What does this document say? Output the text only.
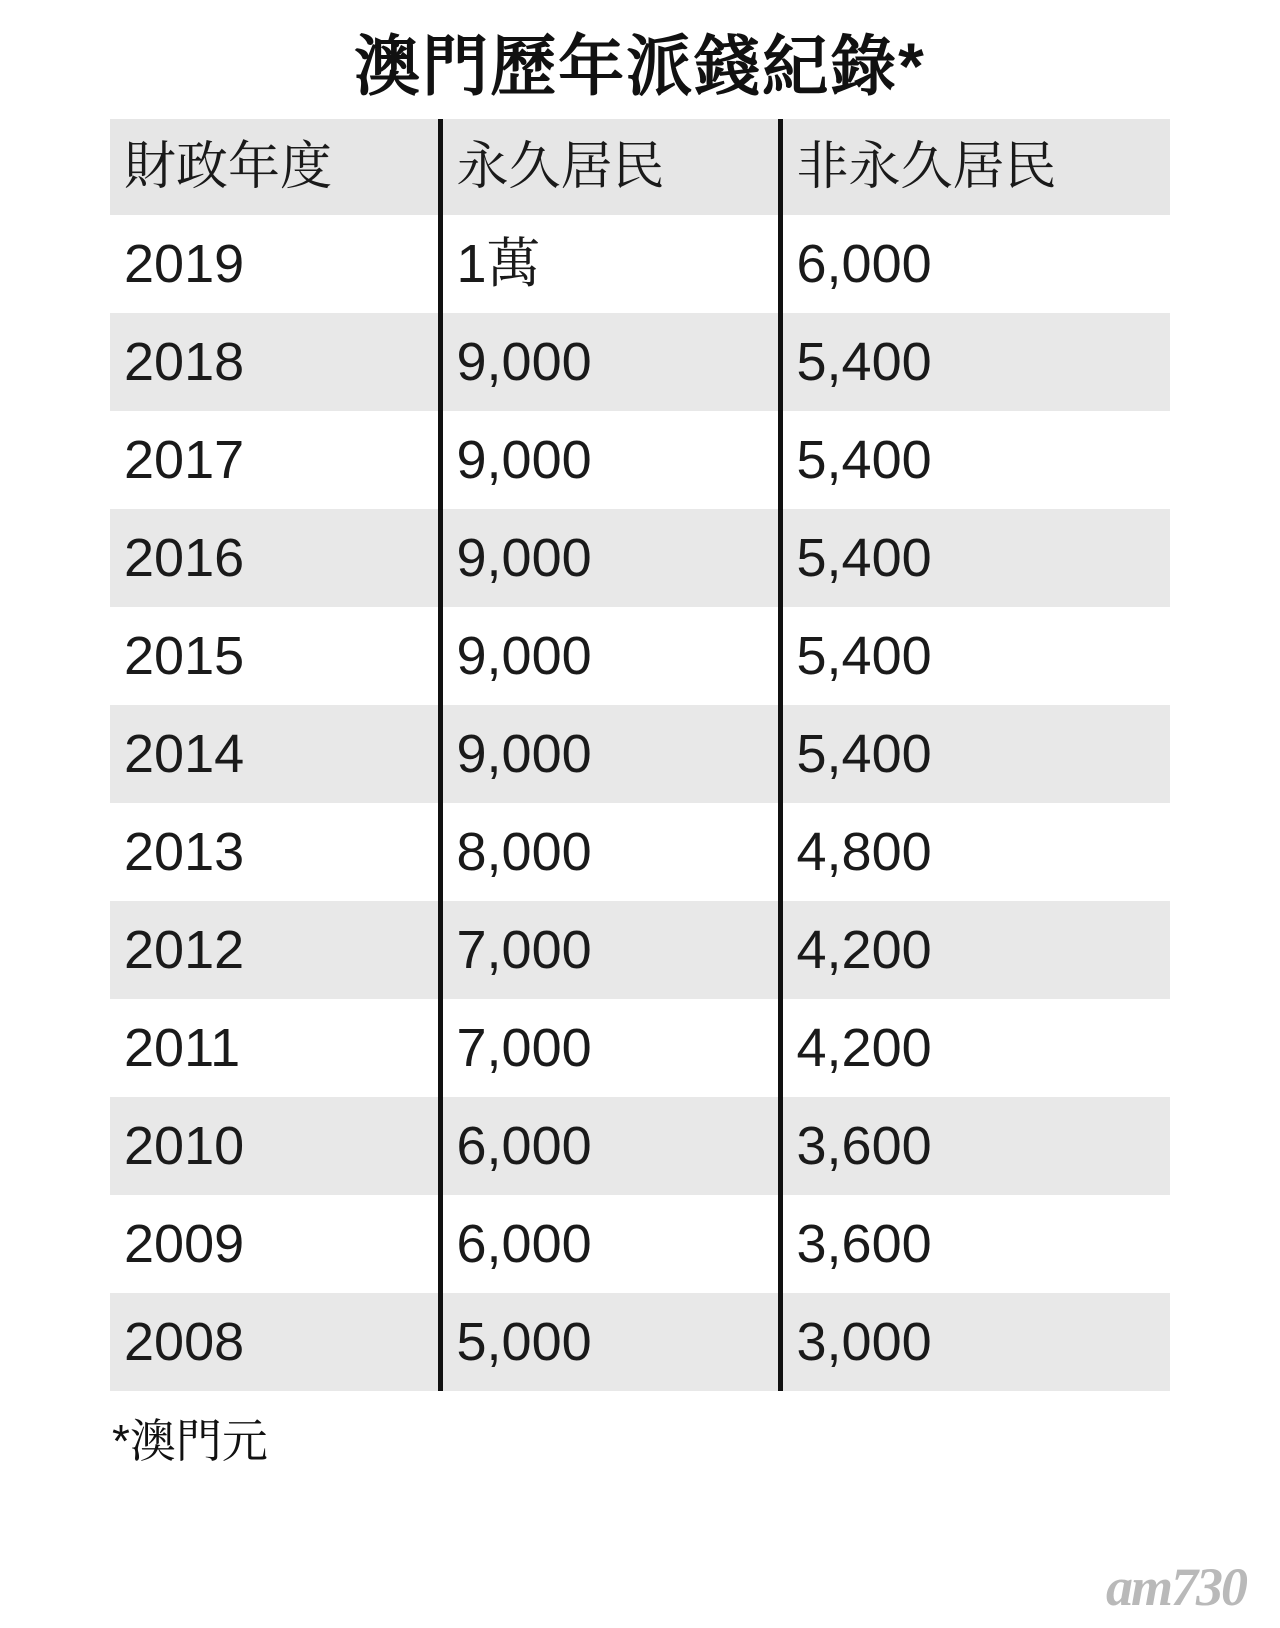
澳門歷年派錢紀錄*
財政年度	永久居民	非永久居民
2019	1萬	6,000
2018	9,000	5,400
2017	9,000	5,400
2016	9,000	5,400
2015	9,000	5,400
2014	9,000	5,400
2013	8,000	4,800
2012	7,000	4,200
2011	7,000	4,200
2010	6,000	3,600
2009	6,000	3,600
2008	5,000	3,000
*澳門元
am730
